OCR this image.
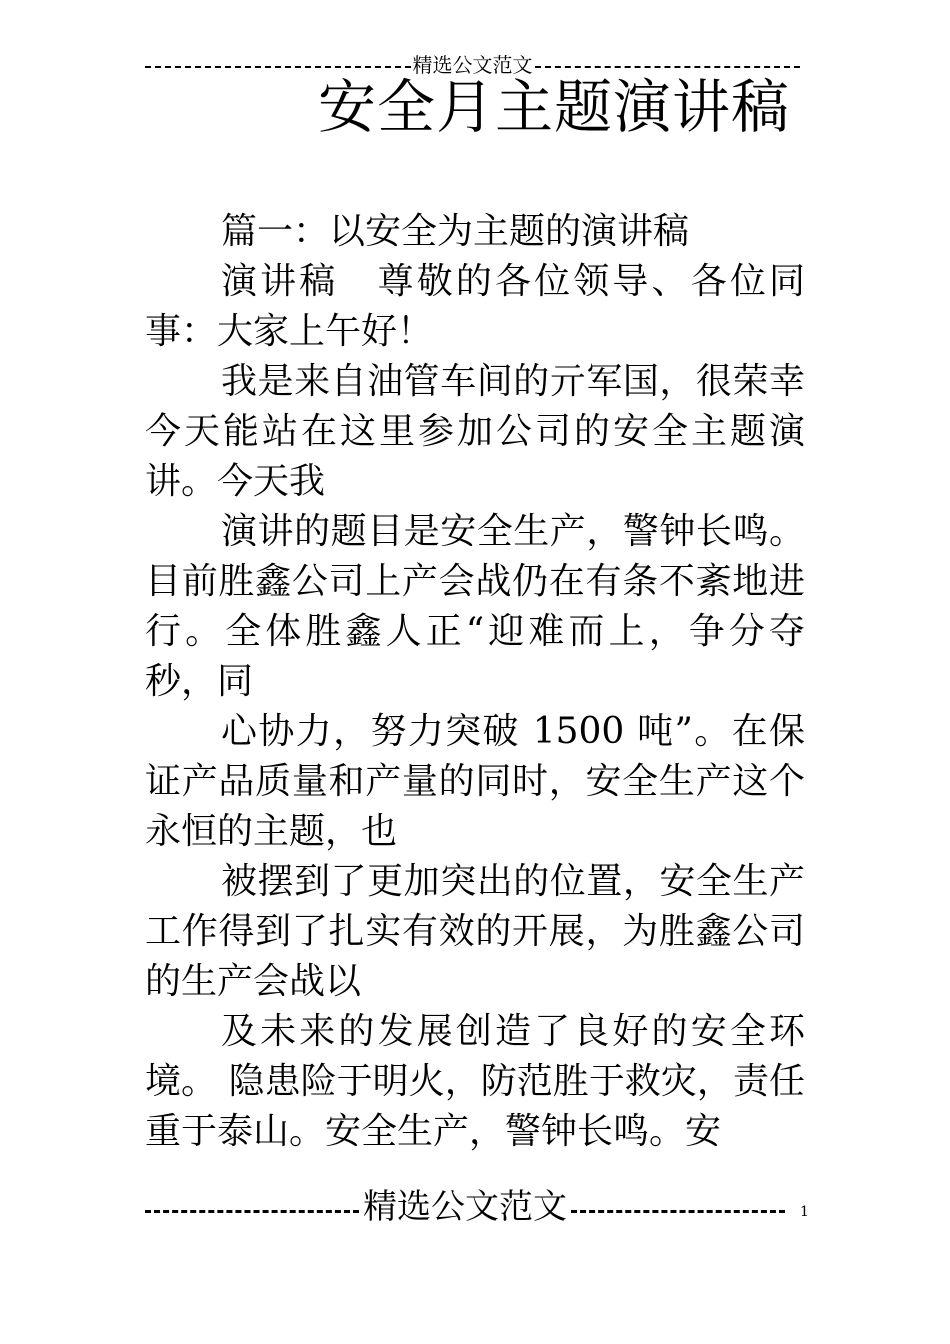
精选公文范文
安全月主题演讲稿

篇一：以安全为主题的演讲稿

演讲稿　尊敬的各位领导、各位同事：大家上午好！

我是来自油管车间的亓军国，很荣幸今天能站在这里参加公司的安全主题演讲。今天我

演讲的题目是安全生产，警钟长鸣。目前胜鑫公司上产会战仍在有条不紊地进行。全体胜鑫人正“迎难而上，争分夺秒，同

心协力，努力突破 1500 吨”。在保证产品质量和产量的同时，安全生产这个永恒的主题，也

被摆到了更加突出的位置，安全生产工作得到了扎实有效的开展，为胜鑫公司的生产会战以

及未来的发展创造了良好的安全环境。 隐患险于明火，防范胜于救灾，责任重于泰山。安全生产，警钟长鸣。安

精选公文范文	1
